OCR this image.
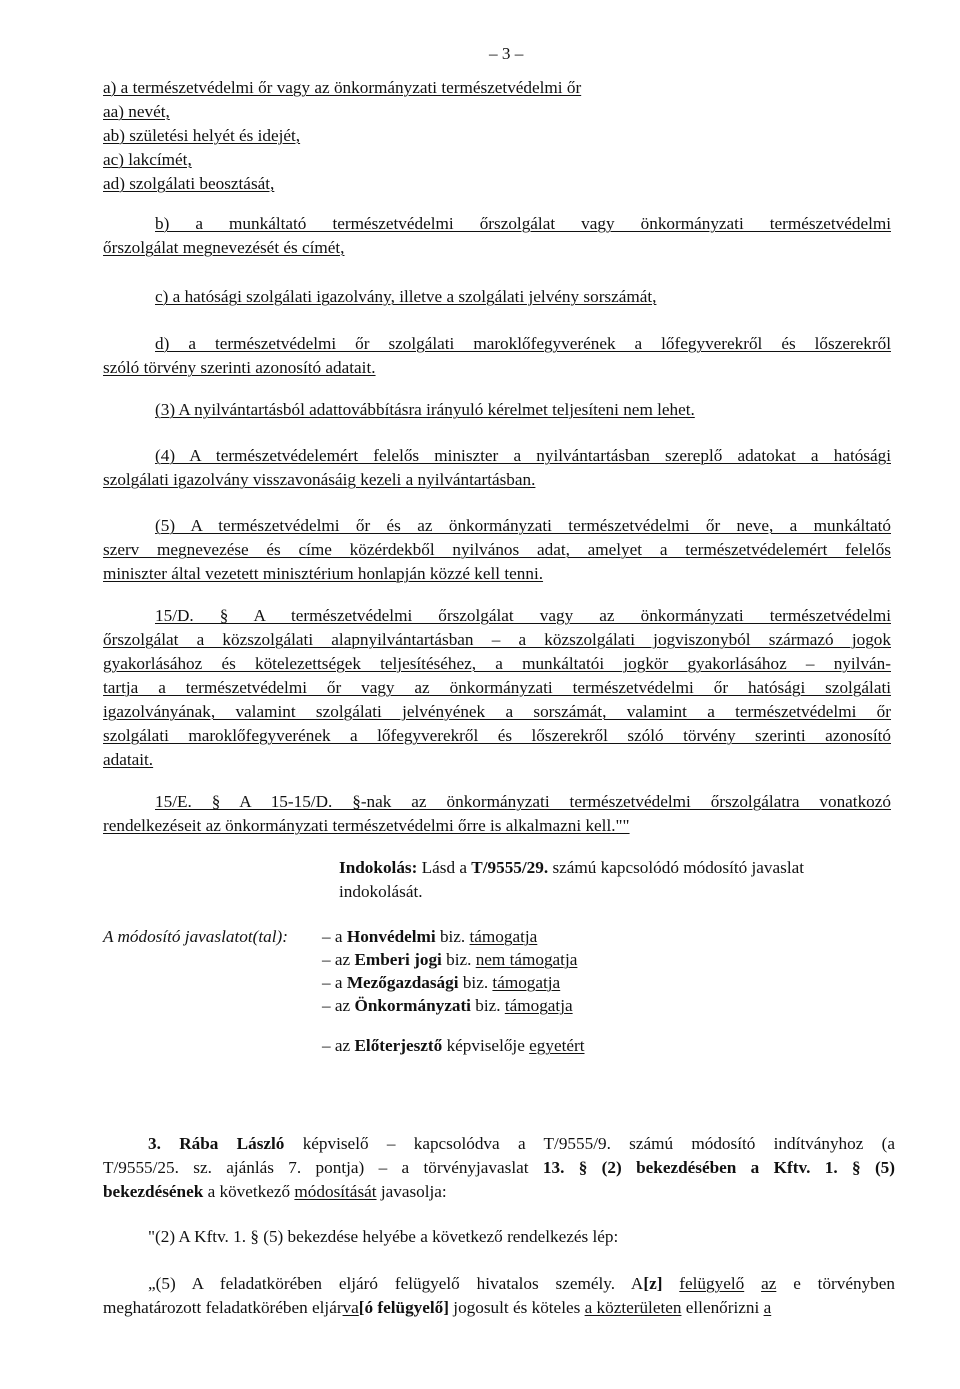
– 3 –
a) a természetvédelmi őr vagy az önkormányzati természetvédelmi őr
aa) nevét,
ab) születési helyét és idejét,
ac) lakcímét,
ad) szolgálati beosztását,
b) a munkáltató természetvédelmi őrszolgálat vagy önkormányzati természetvédelmi
őrszolgálat megnevezését és címét,
c) a hatósági szolgálati igazolvány, illetve a szolgálati jelvény sorszámát,
d) a természetvédelmi őr szolgálati maroklőfegyverének a lőfegyverekről és lőszerekről
szóló törvény szerinti azonosító adatait.
(3) A nyilvántartásból adattovábbításra irányuló kérelmet teljesíteni nem lehet.
(4) A természetvédelemért felelős miniszter a nyilvántartásban szereplő adatokat a hatósági
szolgálati igazolvány visszavonásáig kezeli a nyilvántartásban.
(5) A természetvédelmi őr és az önkormányzati természetvédelmi őr neve, a munkáltató
szerv megnevezése és címe közérdekből nyilvános adat, amelyet a természetvédelemért felelős
miniszter által vezetett minisztérium honlapján közzé kell tenni.
15/D. § A természetvédelmi őrszolgálat vagy az önkormányzati természetvédelmi
őrszolgálat a közszolgálati alapnyilvántartásban – a közszolgálati jogviszonyból származó jogok
gyakorlásához és kötelezettségek teljesítéséhez, a munkáltatói jogkör gyakorlásához – nyilván-
tartja a természetvédelmi őr vagy az önkormányzati természetvédelmi őr hatósági szolgálati
igazolványának, valamint szolgálati jelvényének a sorszámát, valamint a természetvédelmi őr
szolgálati maroklőfegyverének a lőfegyverekről és lőszerekről szóló törvény szerinti azonosító
adatait.
15/E. § A 15-15/D. §-nak az önkormányzati természetvédelmi őrszolgálatra vonatkozó
rendelkezéseit az önkormányzati természetvédelmi őrre is alkalmazni kell.""
Indokolás: Lásd a T/9555/29. számú kapcsolódó módosító javaslat
indokolását.
A módosító javaslatot(tal): – a Honvédelmi biz. támogatja
– az Emberi jogi biz. nem támogatja
– a Mezőgazdasági biz. támogatja
– az Önkormányzati biz. támogatja
– az Előterjesztő képviselője egyetért
3. Rába László képviselő – kapcsolódva a T/9555/9. számú módosító indítványhoz (a
T/9555/25. sz. ajánlás 7. pontja) – a törvényjavaslat 13. § (2) bekezdésében a Kftv. 1. § (5)
bekezdésének a következő módosítását javasolja:
"(2) A Kftv. 1. § (5) bekezdése helyébe a következő rendelkezés lép:
„(5) A feladatkörében eljáró felügyelő hivatalos személy. A[z] felügyelő az e törvényben
meghatározott feladatkörében eljárva[ó felügyelő] jogosult és köteles a közterületen ellenőrizni a
